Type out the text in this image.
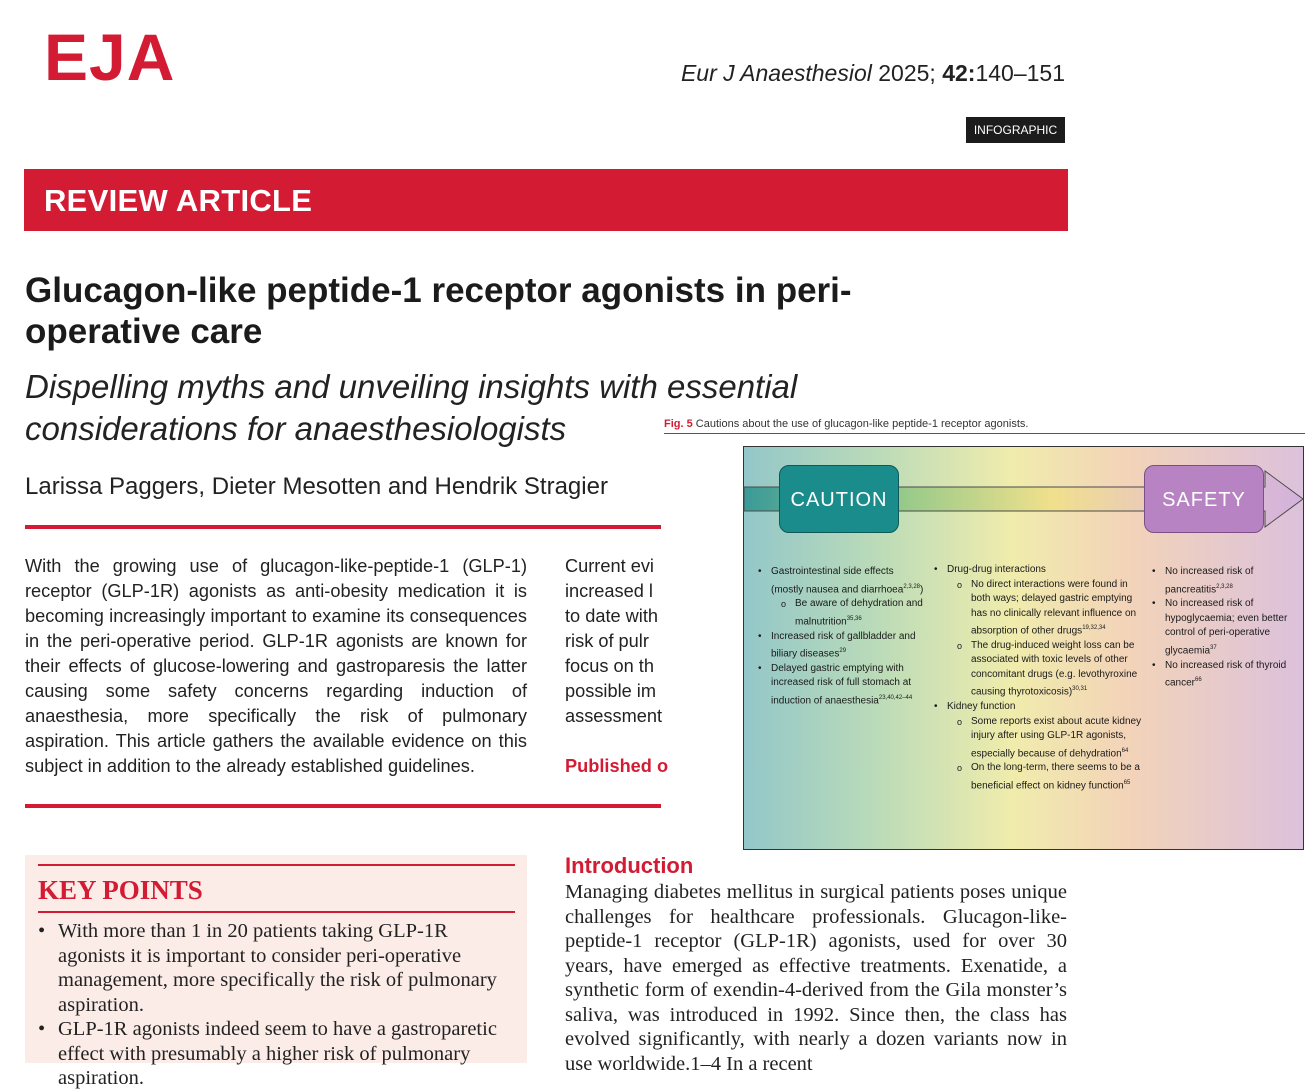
EJA	Eur J Anaesthesiol 2025; 42:140–151
INFOGRAPHIC
REVIEW ARTICLE
Glucagon-like peptide-1 receptor agonists in peri-operative care
Dispelling myths and unveiling insights with essential considerations for anaesthesiologists
Larissa Paggers, Dieter Mesotten and Hendrik Stragier

With the growing use of glucagon-like-peptide-1 (GLP-1) receptor (GLP-1R) agonists as anti-obesity medication it is becoming increasingly important to examine its consequences in the peri-operative period. GLP-1R agonists are known for their effects of glucose-lowering and gastroparesis the latter causing some safety concerns regarding induction of anaesthesia, more specifically the risk of pulmonary aspiration. This article gathers the available evidence on this subject in addition to the already established guidelines.

Current evi
increased l
to date with
risk of pulr
focus on th
possible im
assessment
Published o
KEY POINTS
• With more than 1 in 20 patients taking GLP-1R agonists it is important to consider peri-operative management, more specifically the risk of pulmonary aspiration.
• GLP-1R agonists indeed seem to have a gastroparetic effect with presumably a higher risk of pulmonary aspiration.
Introduction

Managing diabetes mellitus in surgical patients poses unique challenges for healthcare professionals. Glucagon-like-peptide-1 receptor (GLP-1R) agonists, used for over 30 years, have emerged as effective treatments. Exenatide, a synthetic form of exendin-4-derived from the Gila monster’s saliva, was introduced in 1992. Since then, the class has evolved significantly, with nearly a dozen variants now in use worldwide.1–4 In a recent

Fig. 5 Cautions about the use of glucagon-like peptide-1 receptor agonists.
CAUTION	SAFETY
• Gastrointestinal side effects (mostly nausea and diarrhoea$^{2,3,28}$)
o Be aware of dehydration and malnutrition$^{35,36}$
• Increased risk of gallbladder and biliary diseases$^{29}$
• Delayed gastric emptying with increased risk of full stomach at induction of anaesthesia$^{23,40,42-44}$
• Drug-drug interactions
o No direct interactions were found in both ways; delayed gastric emptying has no clinically relevant influence on absorption of other drugs$^{19,32,34}$
o The drug-induced weight loss can be associated with toxic levels of other concomitant drugs (e.g. levothyroxine causing thyrotoxicosis)$^{30,31}$
• Kidney function
o Some reports exist about acute kidney injury after using GLP-1R agonists, especially because of dehydration$^{64}$
o On the long-term, there seems to be a beneficial effect on kidney function$^{65}$
• No increased risk of pancreatitis$^{2,3,28}$
• No increased risk of hypoglycaemia; even better control of peri-operative glycaemia$^{37}$
• No increased risk of thyroid cancer$^{66}$
